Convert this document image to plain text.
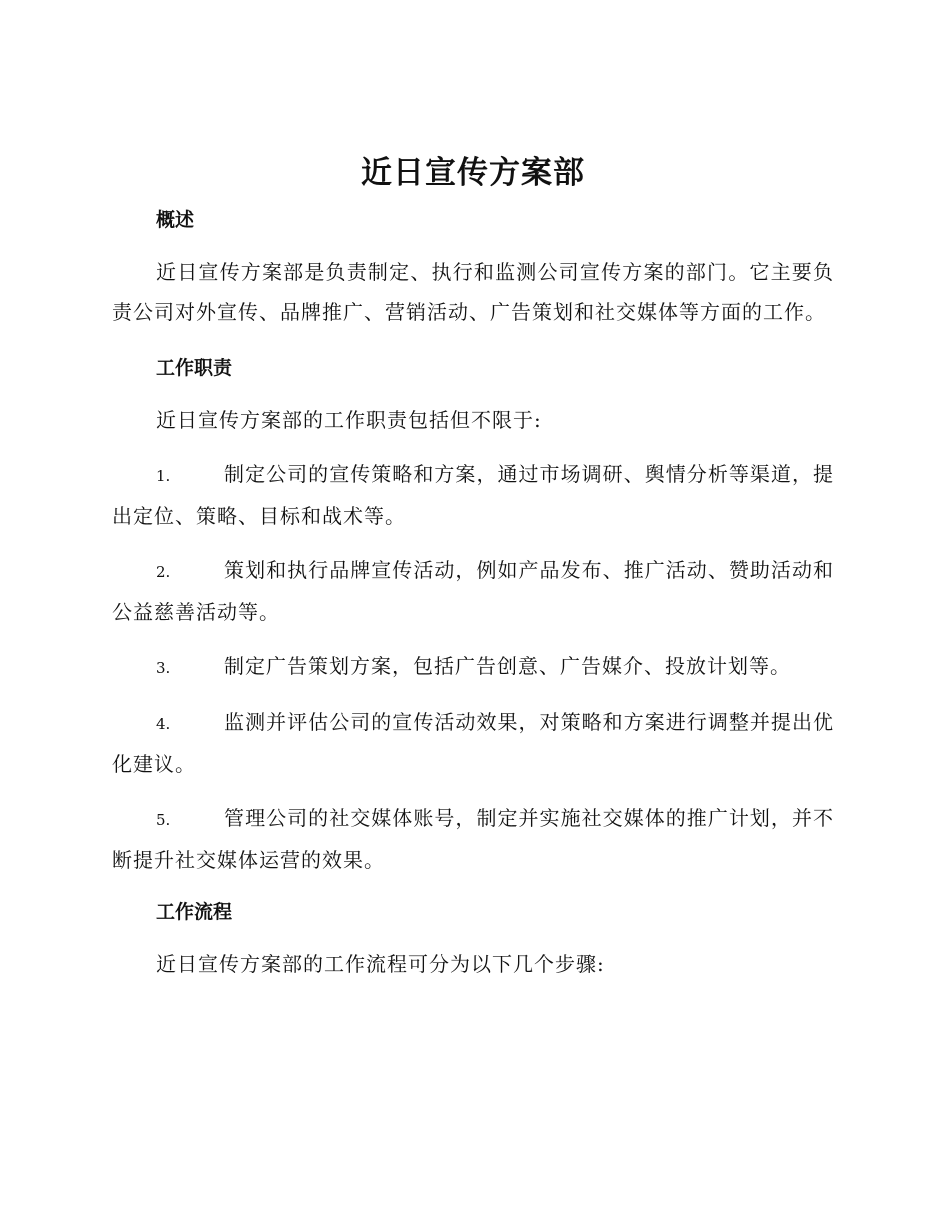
近日宣传方案部
概述

近日宣传方案部是负责制定、执行和监测公司宣传方案的部门。它主要负责公司对外宣传、品牌推广、营销活动、广告策划和社交媒体等方面的工作。

工作职责

近日宣传方案部的工作职责包括但不限于:

1.	制定公司的宣传策略和方案，通过市场调研、舆情分析等渠道，提出定位、策略、目标和战术等。

2.	策划和执行品牌宣传活动，例如产品发布、推广活动、赞助活动和公益慈善活动等。

3.	制定广告策划方案，包括广告创意、广告媒介、投放计划等。

4.	监测并评估公司的宣传活动效果，对策略和方案进行调整并提出优化建议。

5.	管理公司的社交媒体账号，制定并实施社交媒体的推广计划，并不断提升社交媒体运营的效果。

工作流程

近日宣传方案部的工作流程可分为以下几个步骤:
